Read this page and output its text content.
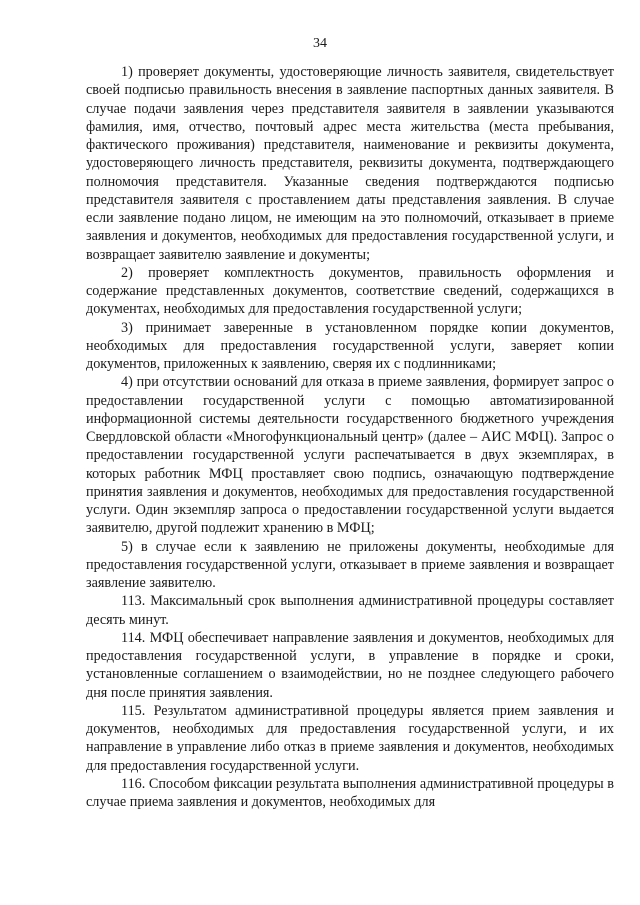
34

1) проверяет документы, удостоверяющие личность заявителя, свидетельствует своей подписью правильность внесения в заявление паспортных данных заявителя. В случае подачи заявления через представителя заявителя в заявлении указываются фамилия, имя, отчество, почтовый адрес места жительства (места пребывания, фактического проживания) представителя, наименование и реквизиты документа, удостоверяющего личность представителя, реквизиты документа, подтверждающего полномочия представителя. Указанные сведения подтверждаются подписью представителя заявителя с проставлением даты представления заявления. В случае если заявление подано лицом, не имеющим на это полномочий, отказывает в приеме заявления и документов, необходимых для предоставления государственной услуги, и возвращает заявителю заявление и документы;

2) проверяет комплектность документов, правильность оформления и содержание представленных документов, соответствие сведений, содержащихся в документах, необходимых для предоставления государственной услуги;

3) принимает заверенные в установленном порядке копии документов, необходимых для предоставления государственной услуги, заверяет копии документов, приложенных к заявлению, сверяя их с подлинниками;

4) при отсутствии оснований для отказа в приеме заявления, формирует запрос о предоставлении государственной услуги с помощью автоматизированной информационной системы деятельности государственного бюджетного учреждения Свердловской области «Многофункциональный центр» (далее – АИС МФЦ). Запрос о предоставлении государственной услуги распечатывается в двух экземплярах, в которых работник МФЦ проставляет свою подпись, означающую подтверждение принятия заявления и документов, необходимых для предоставления государственной услуги. Один экземпляр запроса о предоставлении государственной услуги выдается заявителю, другой подлежит хранению в МФЦ;

5) в случае если к заявлению не приложены документы, необходимые для предоставления государственной услуги, отказывает в приеме заявления и возвращает заявление заявителю.

113. Максимальный срок выполнения административной процедуры составляет десять минут.

114. МФЦ обеспечивает направление заявления и документов, необходимых для предоставления государственной услуги, в управление в порядке и сроки, установленные соглашением о взаимодействии, но не позднее следующего рабочего дня после принятия заявления.

115. Результатом административной процедуры является прием заявления и документов, необходимых для предоставления государственной услуги, и их направление в управление либо отказ в приеме заявления и документов, необходимых для предоставления государственной услуги.

116. Способом фиксации результата выполнения административной процедуры в случае приема заявления и документов, необходимых для
